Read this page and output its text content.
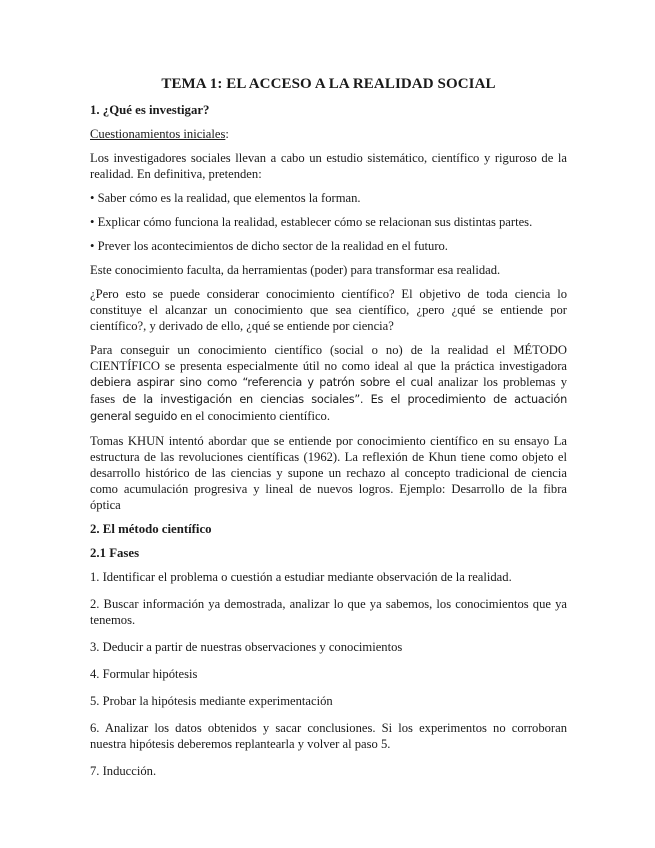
TEMA 1: EL ACCESO A LA REALIDAD SOCIAL
1. ¿Qué es investigar?

Cuestionamientos iniciales:

Los investigadores sociales llevan a cabo un estudio sistemático, científico y riguroso de la realidad. En definitiva, pretenden:

• Saber cómo es la realidad, que elementos la forman.
• Explicar cómo funciona la realidad, establecer cómo se relacionan sus distintas partes.
• Prever los acontecimientos de dicho sector de la realidad en el futuro.

Este conocimiento faculta, da herramientas (poder) para transformar esa realidad.

¿Pero esto se puede considerar conocimiento científico? El objetivo de toda ciencia lo constituye el alcanzar un conocimiento que sea científico, ¿pero ¿qué se entiende por científico?, y derivado de ello, ¿qué se entiende por ciencia?

Para conseguir un conocimiento científico (social o no) de la realidad el MÉTODO CIENTÍFICO se presenta especialmente útil no como ideal al que la práctica investigadora debiera aspirar sino como “referencia y patrón sobre el cual analizar los problemas y fases de la investigación en ciencias sociales”. Es el procedimiento de actuación general seguido en el conocimiento científico.

Tomas KHUN intentó abordar que se entiende por conocimiento científico en su ensayo La estructura de las revoluciones científicas (1962). La reflexión de Khun tiene como objeto el desarrollo histórico de las ciencias y supone un rechazo al concepto tradicional de ciencia como acumulación progresiva y lineal de nuevos logros. Ejemplo: Desarrollo de la fibra óptica

2. El método científico
2.1 Fases
1. Identificar el problema o cuestión a estudiar mediante observación de la realidad.
2. Buscar información ya demostrada, analizar lo que ya sabemos, los conocimientos que ya tenemos.
3. Deducir a partir de nuestras observaciones y conocimientos
4. Formular hipótesis
5. Probar la hipótesis mediante experimentación
6. Analizar los datos obtenidos y sacar conclusiones. Si los experimentos no corroboran nuestra hipótesis deberemos replantearla y volver al paso 5.
7. Inducción.
